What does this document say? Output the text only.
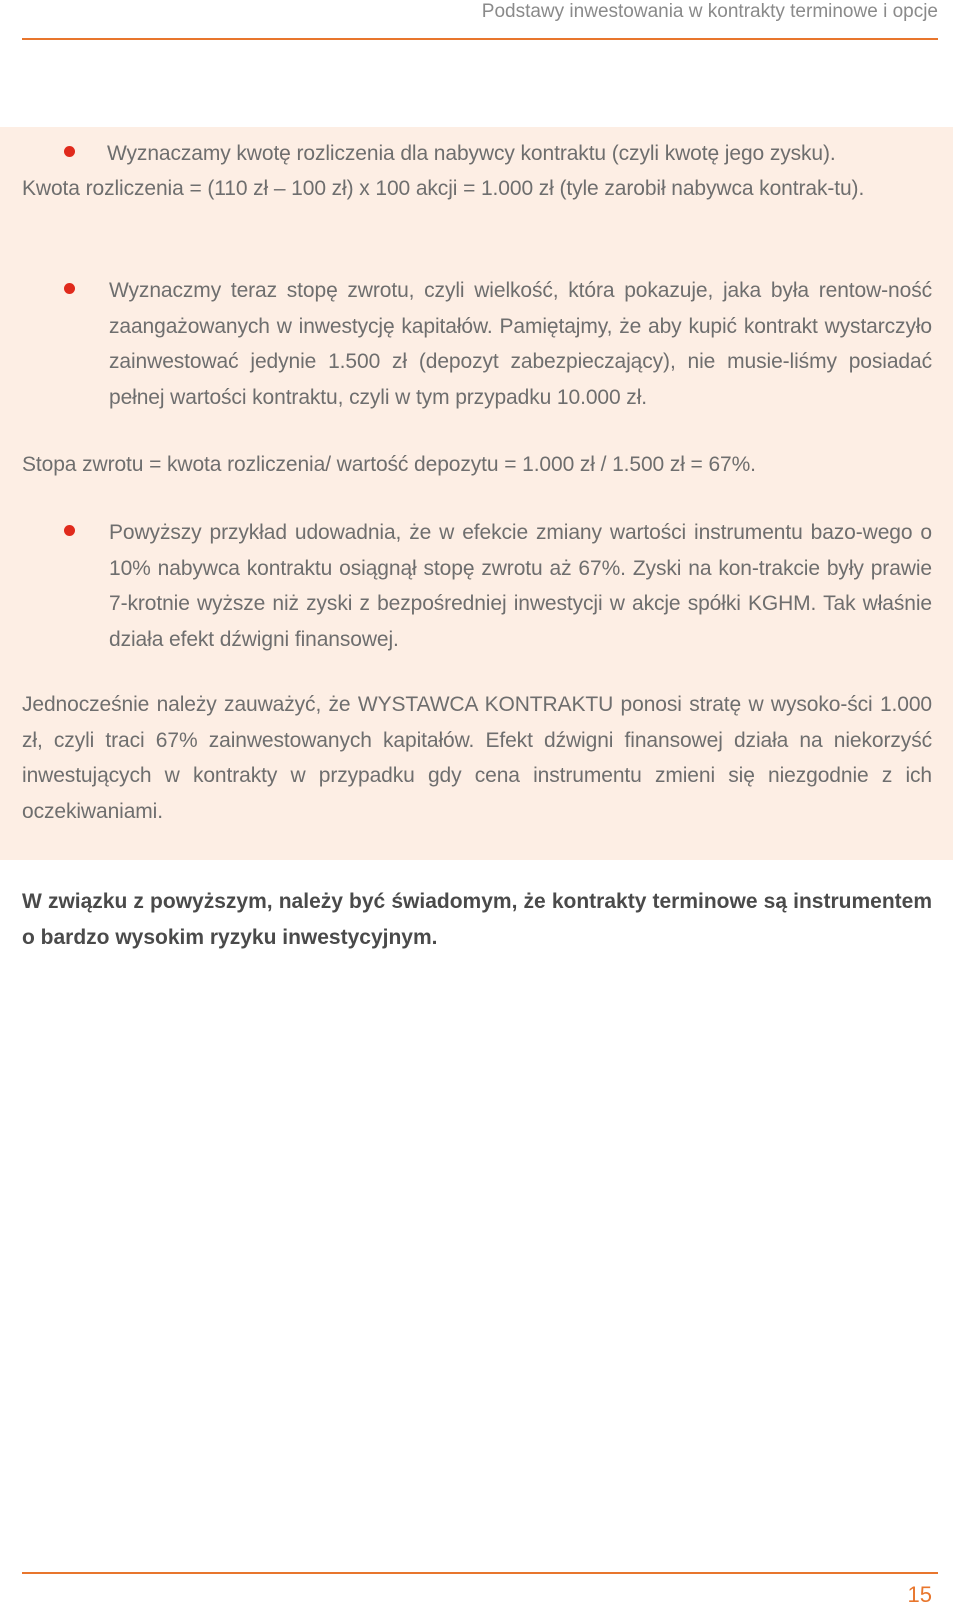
Podstawy inwestowania w kontrakty terminowe i opcje

Wyznaczamy kwotę rozliczenia dla nabywcy kontraktu (czyli kwotę jego zysku).

Kwota rozliczenia = (110 zł – 100 zł) x 100 akcji = 1.000 zł (tyle zarobił nabywca kontrak-tu).

Wyznaczmy teraz stopę zwrotu, czyli wielkość, która pokazuje, jaka była rentow-ność zaangażowanych w inwestycję kapitałów. Pamiętajmy, że aby kupić kontrakt wystarczyło zainwestować jedynie 1.500 zł (depozyt zabezpieczający), nie musie-liśmy posiadać pełnej wartości kontraktu, czyli w tym przypadku 10.000 zł.

Stopa zwrotu = kwota rozliczenia/ wartość depozytu = 1.000 zł / 1.500 zł = 67%.

Powyższy przykład udowadnia, że w efekcie zmiany wartości instrumentu bazo-wego o 10% nabywca kontraktu osiągnął stopę zwrotu aż 67%. Zyski na kon-trakcie były prawie 7-krotnie wyższe niż zyski z bezpośredniej inwestycji w akcje spółki KGHM. Tak właśnie działa efekt dźwigni finansowej.

Jednocześnie należy zauważyć, że WYSTAWCA KONTRAKTU ponosi stratę w wysoko-ści 1.000 zł, czyli traci 67% zainwestowanych kapitałów. Efekt dźwigni finansowej działa na niekorzyść inwestujących w kontrakty w przypadku gdy cena instrumentu zmieni się niezgodnie z ich oczekiwaniami.

W związku z powyższym, należy być świadomym, że kontrakty terminowe są instrumentem o bardzo wysokim ryzyku inwestycyjnym.

15
